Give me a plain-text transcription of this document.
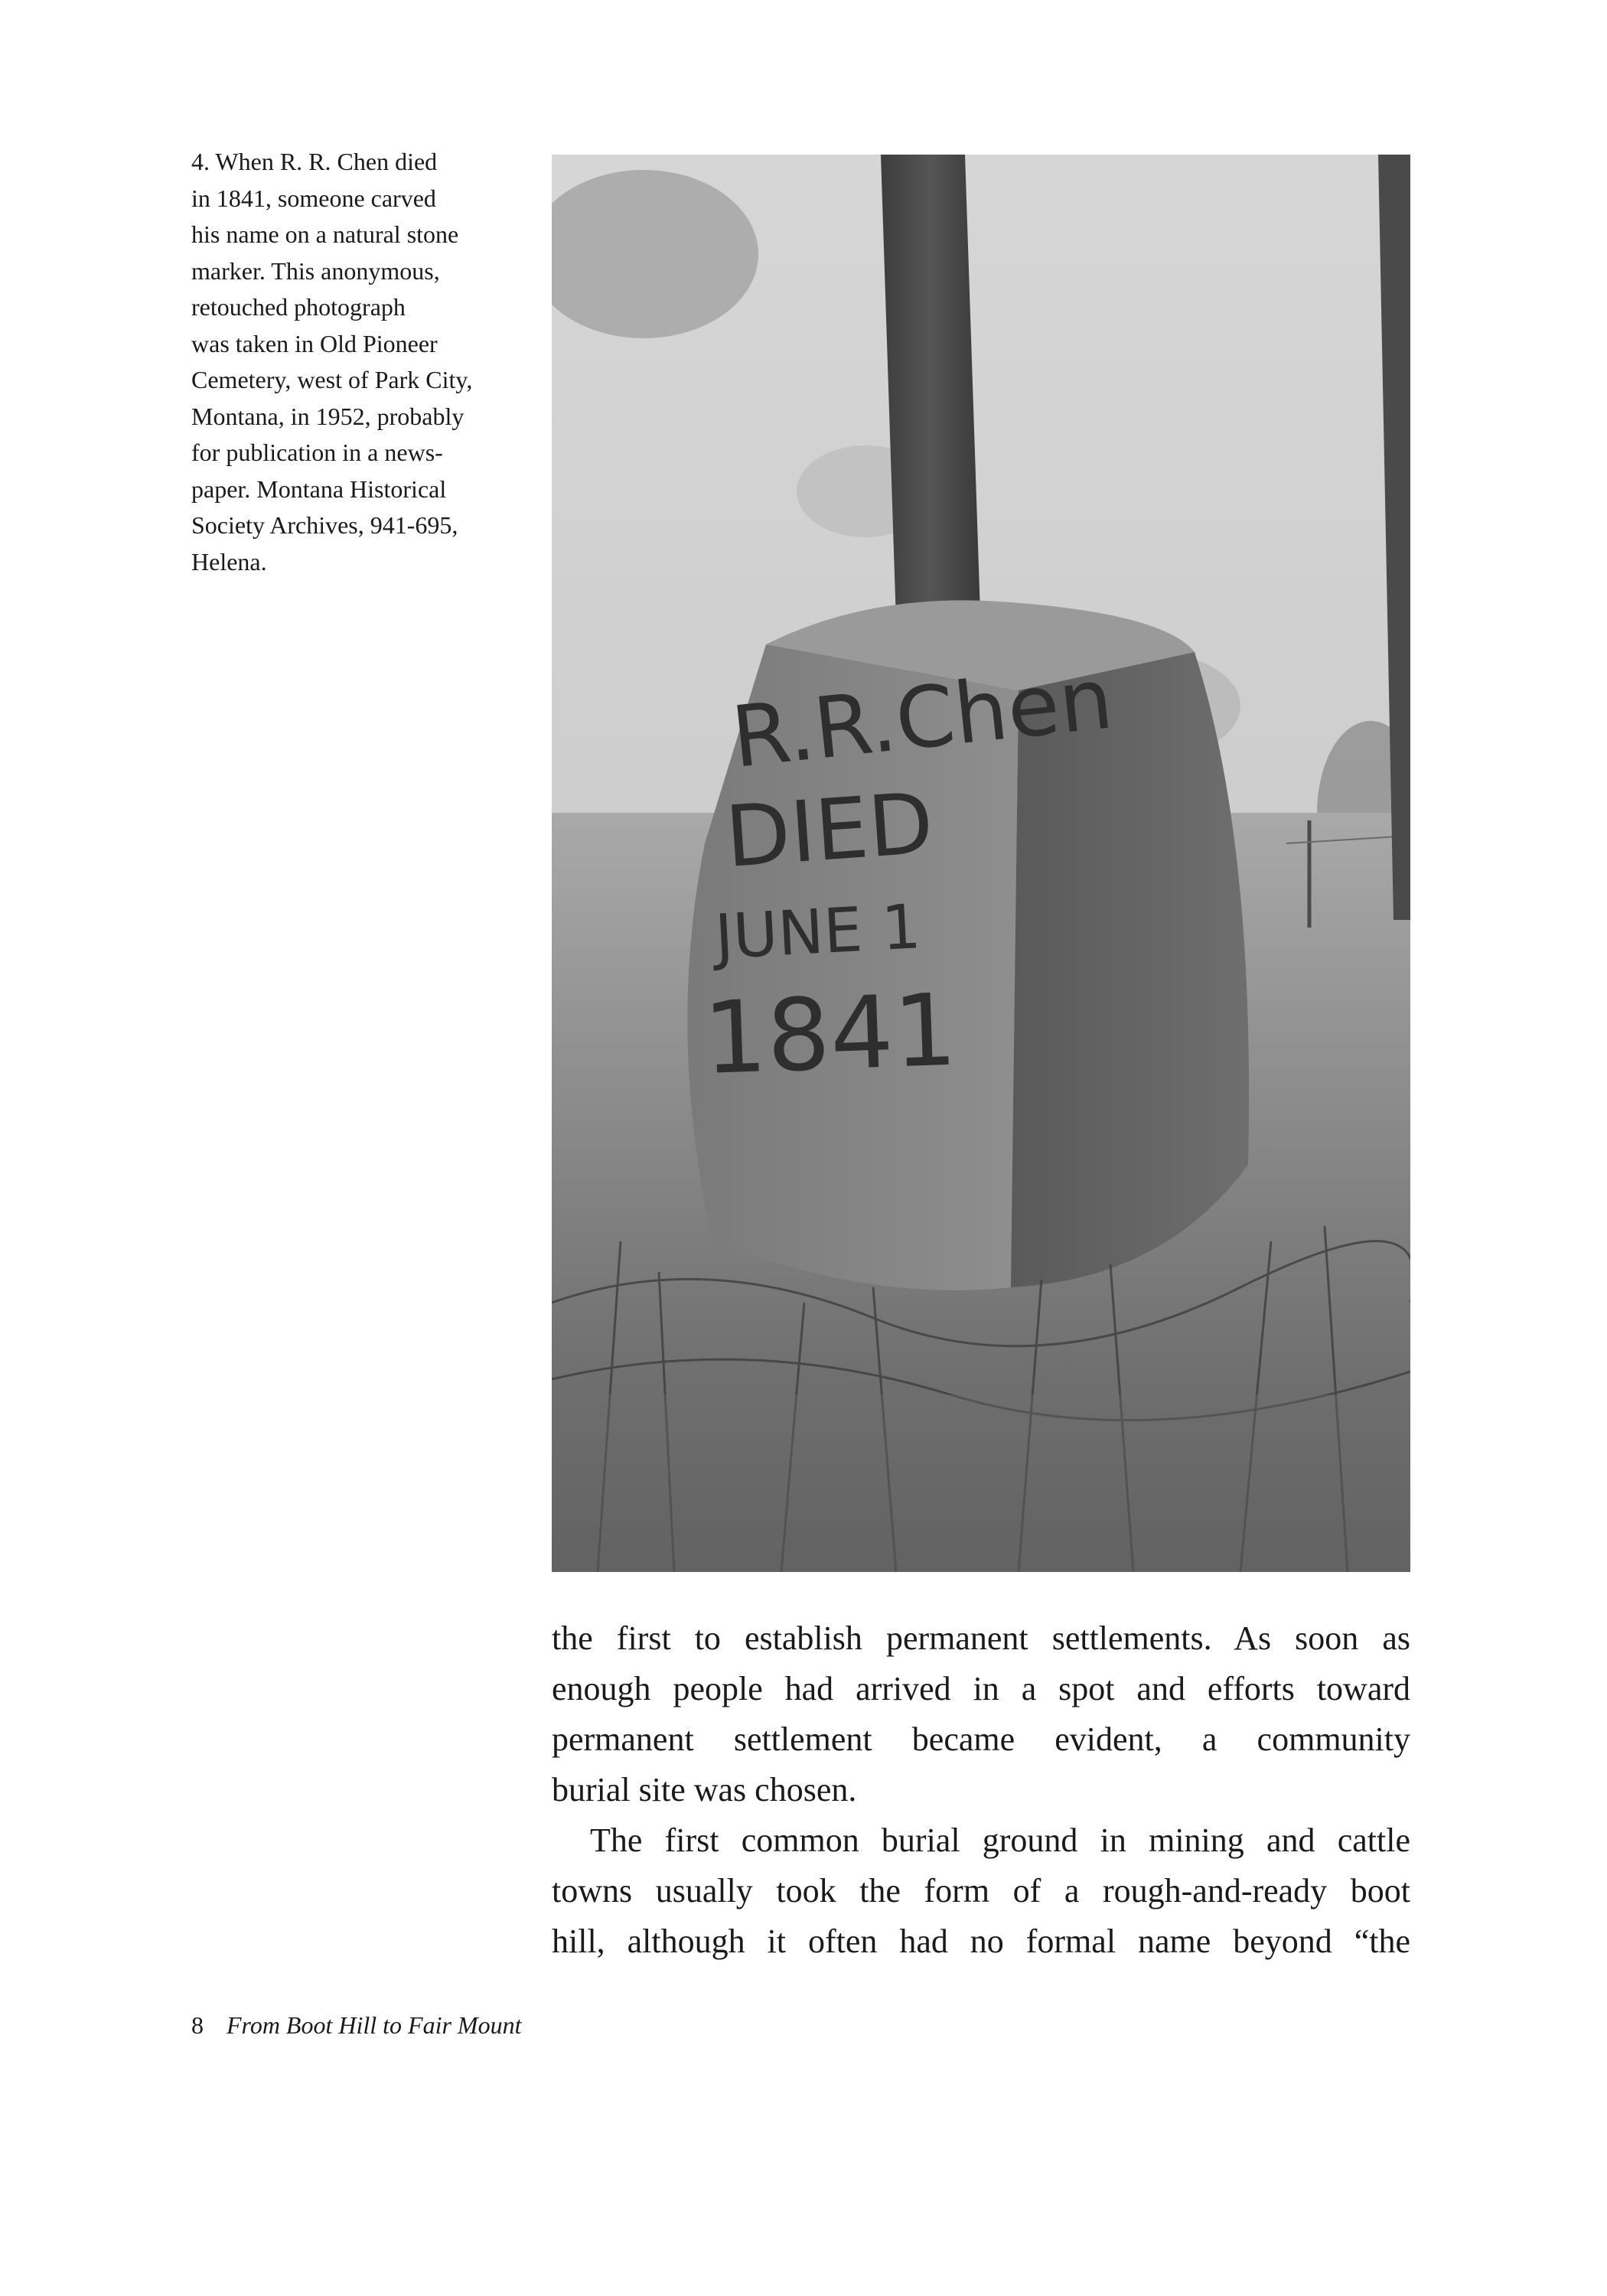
4. When R. R. Chen died
in 1841, someone carved
his name on a natural stone
marker. This anonymous,
retouched photograph
was taken in Old Pioneer
Cemetery, west of Park City,
Montana, in 1952, probably
for publication in a news-
paper. Montana Historical
Society Archives, 941-695,
Helena.
R.R.Chen
DIED
JUNE 1
1841
the first to establish permanent settlements. As soon as
enough people had arrived in a spot and efforts toward
permanent settlement became evident, a community
burial site was chosen.
The first common burial ground in mining and cattle
towns usually took the form of a rough-and-ready boot
hill, although it often had no formal name beyond “the
8 From Boot Hill to Fair Mount
